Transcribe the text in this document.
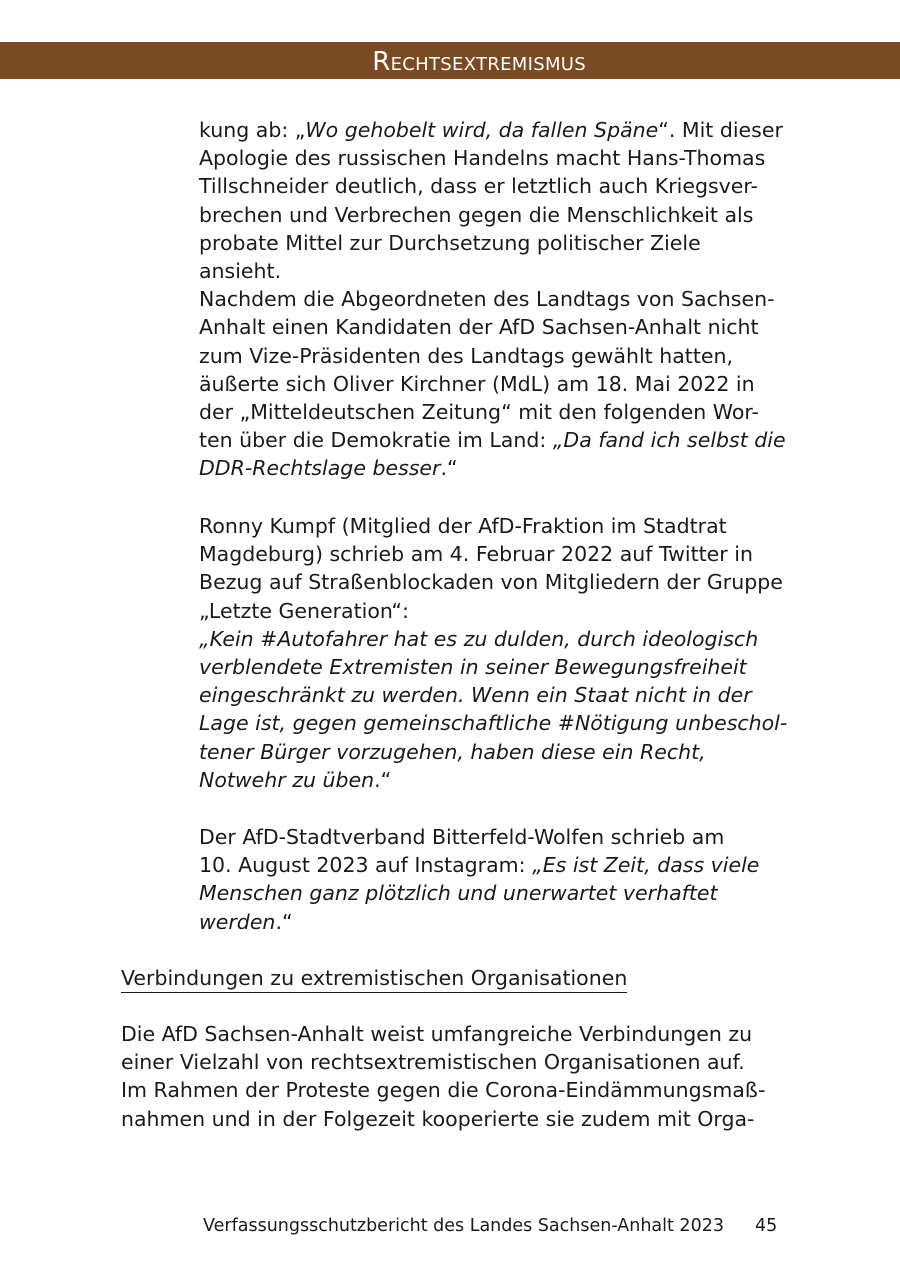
Rechtsextremismus
kung ab: „Wo gehobelt wird, da fallen Späne“. Mit dieser
Apologie des russischen Handelns macht Hans-Thomas
Tillschneider deutlich, dass er letztlich auch Kriegsver-
brechen und Verbrechen gegen die Menschlichkeit als
probate Mittel zur Durchsetzung politischer Ziele
ansieht.
Nachdem die Abgeordneten des Landtags von Sachsen-
Anhalt einen Kandidaten der AfD Sachsen-Anhalt nicht
zum Vize-Präsidenten des Landtags gewählt hatten,
äußerte sich Oliver Kirchner (MdL) am 18. Mai 2022 in
der „Mitteldeutschen Zeitung“ mit den folgenden Wor-
ten über die Demokratie im Land: „Da fand ich selbst die
DDR-Rechtslage besser.“
Ronny Kumpf (Mitglied der AfD-Fraktion im Stadtrat
Magdeburg) schrieb am 4. Februar 2022 auf Twitter in
Bezug auf Straßenblockaden von Mitgliedern der Gruppe
„Letzte Generation“:
„Kein #Autofahrer hat es zu dulden, durch ideologisch
verblendete Extremisten in seiner Bewegungsfreiheit
eingeschränkt zu werden. Wenn ein Staat nicht in der
Lage ist, gegen gemeinschaftliche #Nötigung unbeschol-
tener Bürger vorzugehen, haben diese ein Recht,
Notwehr zu üben.“
Der AfD-Stadtverband Bitterfeld-Wolfen schrieb am
10. August 2023 auf Instagram: „Es ist Zeit, dass viele
Menschen ganz plötzlich und unerwartet verhaftet
werden.“
Verbindungen zu extremistischen Organisationen
Die AfD Sachsen-Anhalt weist umfangreiche Verbindungen zu
einer Vielzahl von rechtsextremistischen Organisationen auf.
Im Rahmen der Proteste gegen die Corona-Eindämmungsmaß-
nahmen und in der Folgezeit kooperierte sie zudem mit Orga-
Verfassungsschutzbericht des Landes Sachsen-Anhalt 2023 45
